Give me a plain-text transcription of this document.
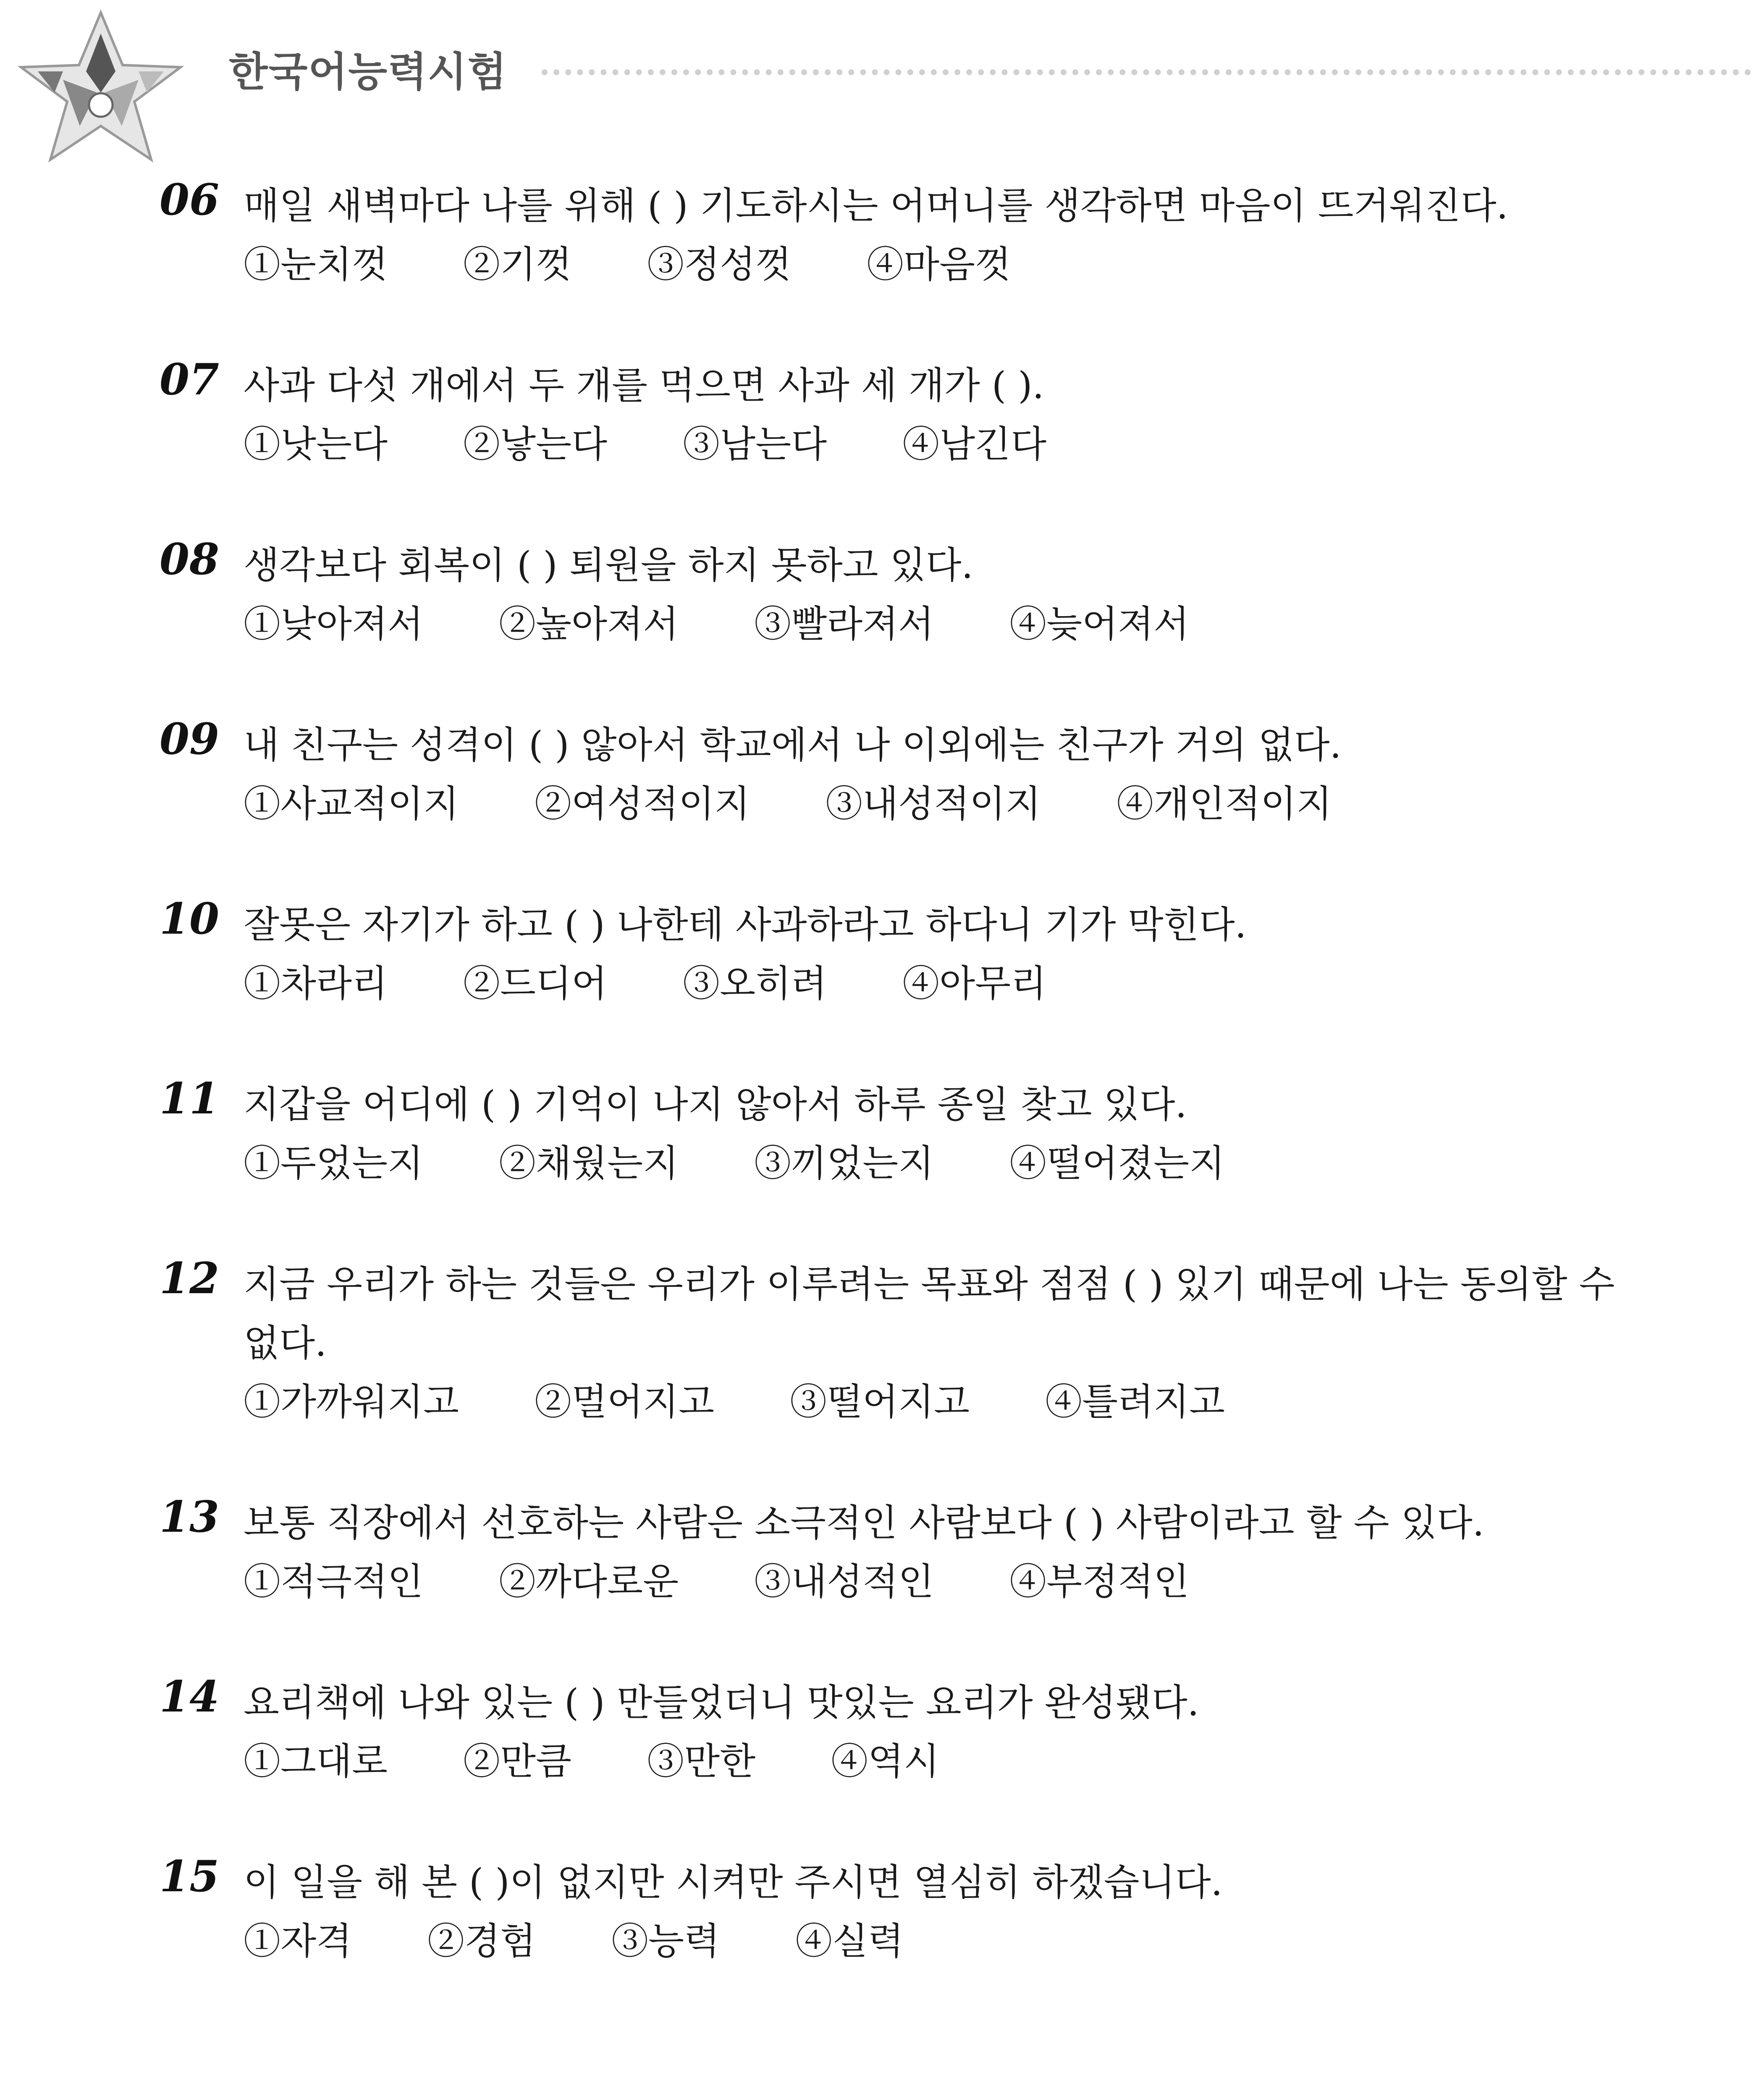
한국어능력시험
06 매일 새벽마다 나를 위해 ( ) 기도하시는 어머니를 생각하면 마음이 뜨거워진다.
①눈치껏 ②기껏 ③정성껏 ④마음껏
07 사과 다섯 개에서 두 개를 먹으면 사과 세 개가 ( ).
①낫는다 ②낳는다 ③남는다 ④남긴다
08 생각보다 회복이 ( ) 퇴원을 하지 못하고 있다.
①낮아져서 ②높아져서 ③빨라져서 ④늦어져서
09 내 친구는 성격이 ( ) 않아서 학교에서 나 이외에는 친구가 거의 없다.
①사교적이지 ②여성적이지 ③내성적이지 ④개인적이지
10 잘못은 자기가 하고 ( ) 나한테 사과하라고 하다니 기가 막힌다.
①차라리 ②드디어 ③오히려 ④아무리
11 지갑을 어디에 ( ) 기억이 나지 않아서 하루 종일 찾고 있다.
①두었는지 ②채웠는지 ③끼었는지 ④떨어졌는지
12 지금 우리가 하는 것들은 우리가 이루려는 목표와 점점 ( ) 있기 때문에 나는 동의할 수 없다.
①가까워지고 ②멀어지고 ③떨어지고 ④틀려지고
13 보통 직장에서 선호하는 사람은 소극적인 사람보다 ( ) 사람이라고 할 수 있다.
①적극적인 ②까다로운 ③내성적인 ④부정적인
14 요리책에 나와 있는 ( ) 만들었더니 맛있는 요리가 완성됐다.
①그대로 ②만큼 ③만한 ④역시
15 이 일을 해 본 ( )이 없지만 시켜만 주시면 열심히 하겠습니다.
①자격 ②경험 ③능력 ④실력
